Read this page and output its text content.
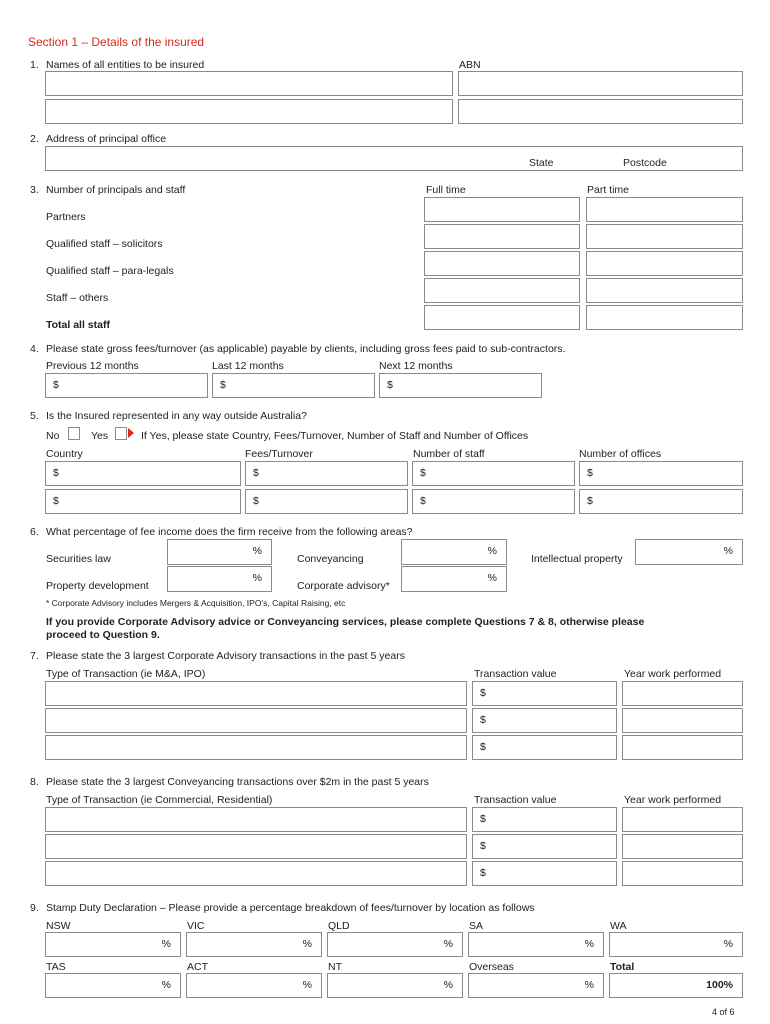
Section 1 – Details of the insured
1. Names of all entities to be insured	ABN
2. Address of principal office
State	Postcode
3. Number of principals and staff	Full time	Part time
Partners
Qualified staff – solicitors
Qualified staff – para-legals
Staff – others
Total all staff
4. Please state gross fees/turnover (as applicable) payable by clients, including gross fees paid to sub-contractors.
Previous 12 months	Last 12 months	Next 12 months
$	$	$
5. Is the Insured represented in any way outside Australia?
No	Yes	If Yes, please state Country, Fees/Turnover, Number of Staff and Number of Offices
Country	Fees/Turnover	Number of staff	Number of offices
$	$	$	$
$	$	$	$
6. What percentage of fee income does the firm receive from the following areas?
Securities law
%
Conveyancing
%
Intellectual property
%
Property development
%
Corporate advisory*
%
* Corporate Advisory includes Mergers & Acquisition, IPO’s, Capital Raising, etc
If you provide Corporate Advisory advice or Conveyancing services, please complete Questions 7 & 8, otherwise please
proceed to Question 9.
7. Please state the 3 largest Corporate Advisory transactions in the past 5 years
Type of Transaction (ie M&A, IPO)	Transaction value	Year work performed
$
$
$
8. Please state the 3 largest Conveyancing transactions over $2m in the past 5 years
Type of Transaction (ie Commercial, Residential)	Transaction value	Year work performed
$
$
$
9. Stamp Duty Declaration – Please provide a percentage breakdown of fees/turnover by location as follows
NSW	VIC	QLD	SA	WA
%	%	%	%	%
TAS	ACT	NT	Overseas	Total
%	%	%	%	100%
4 of 6
